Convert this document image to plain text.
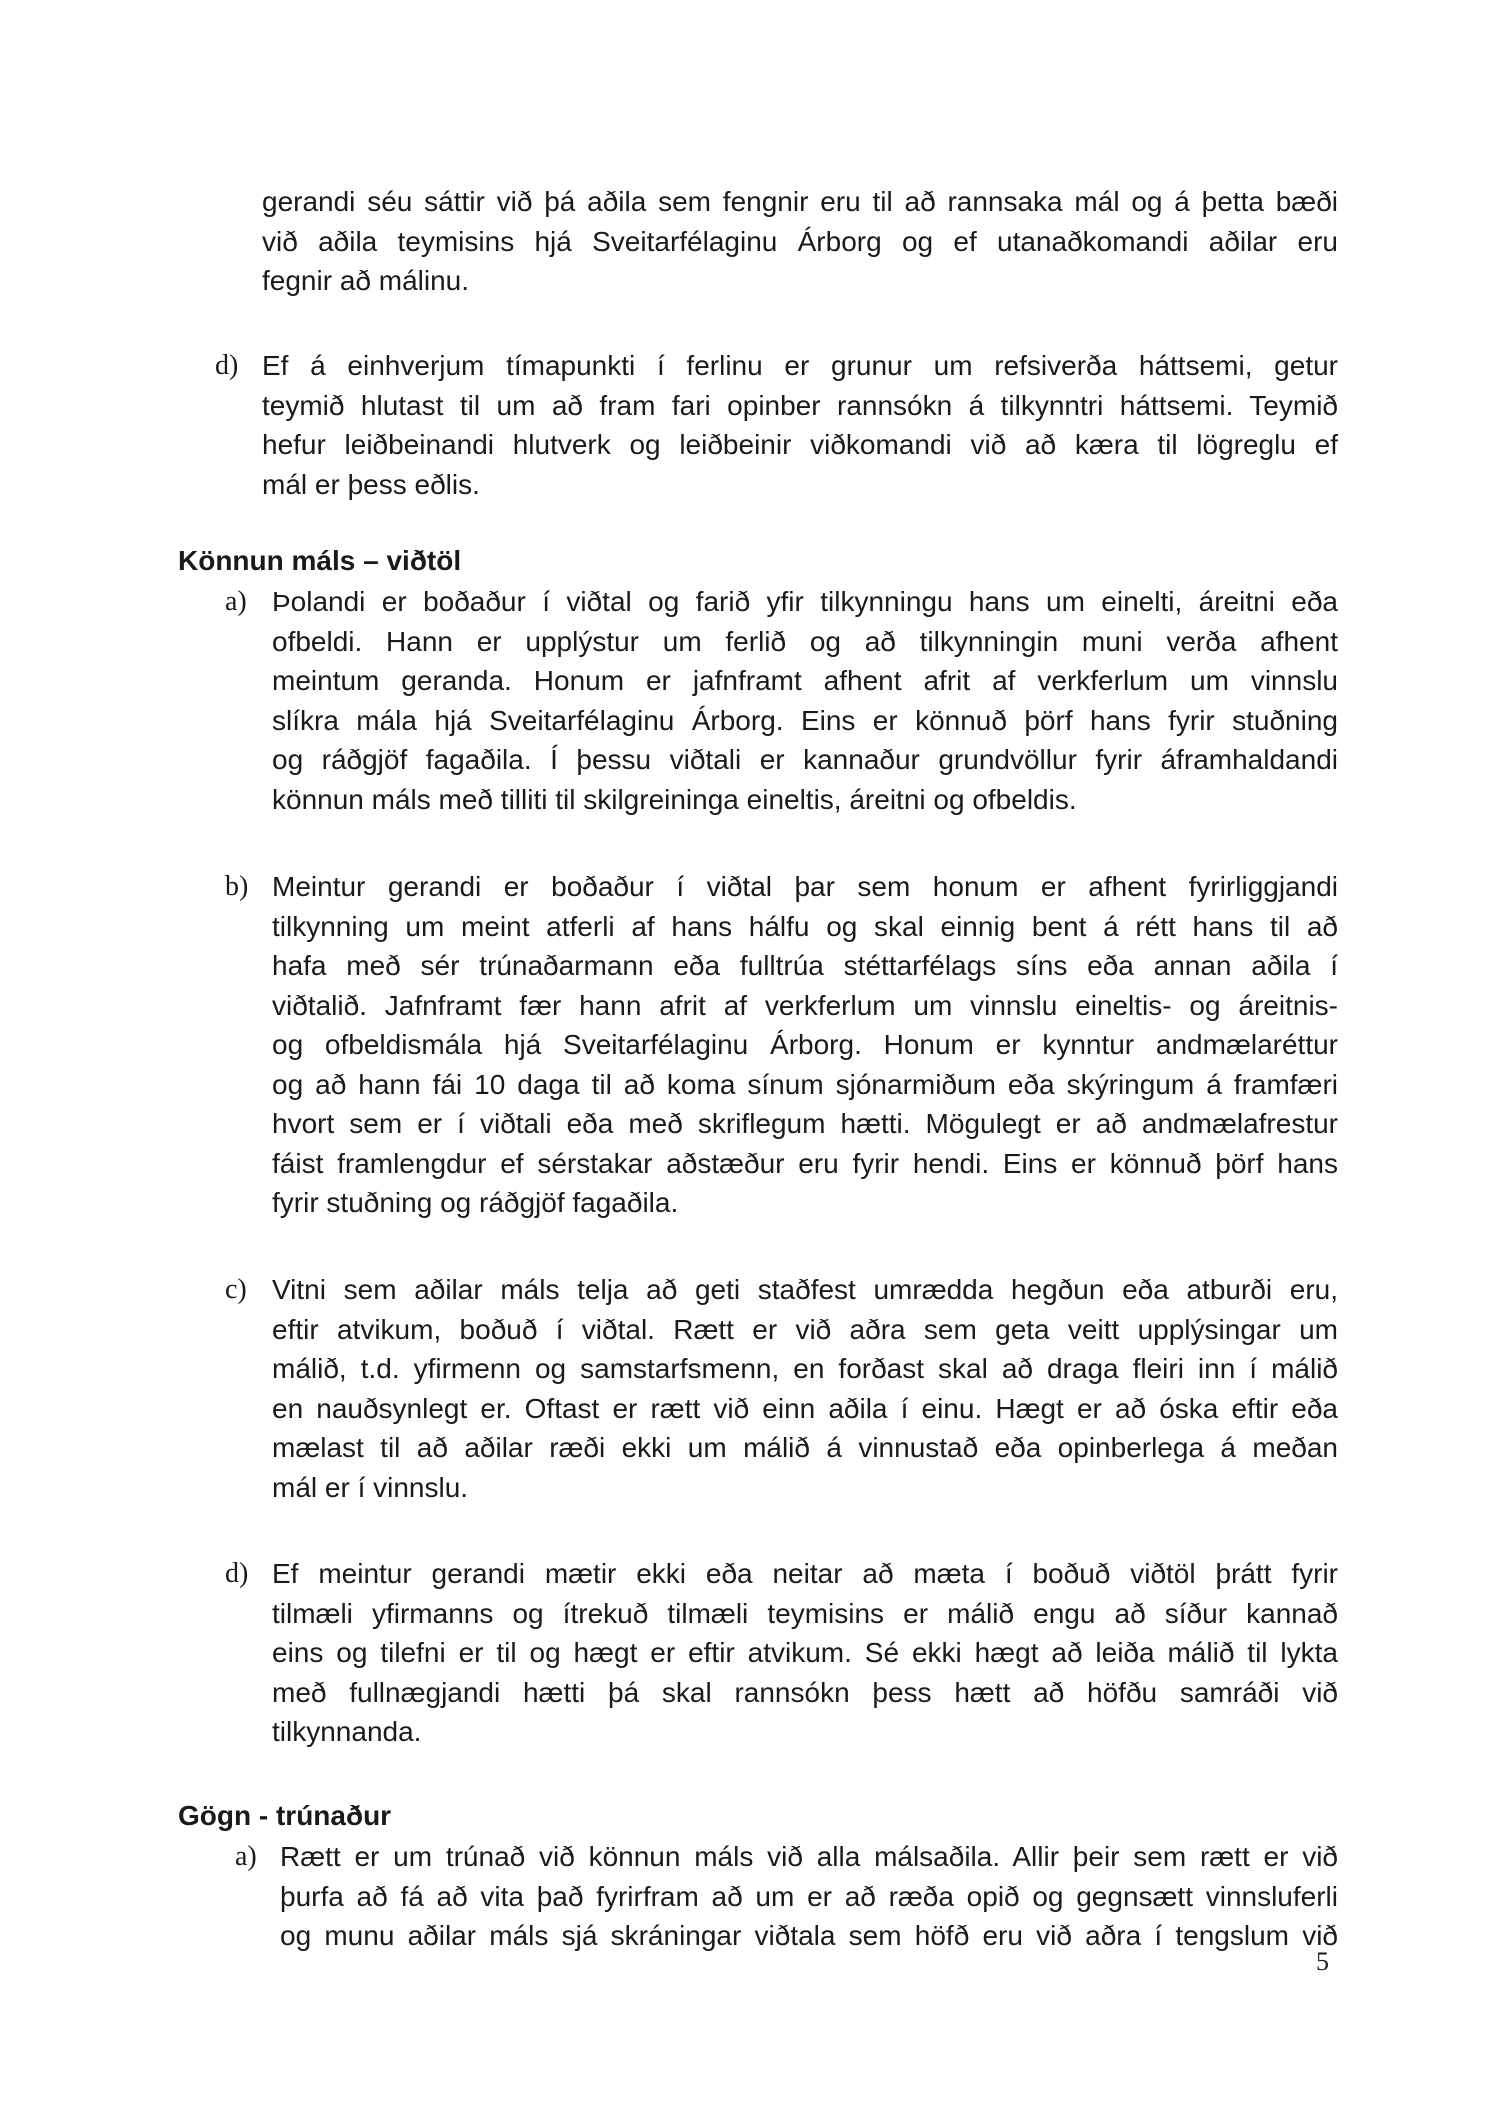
gerandi séu sáttir við þá aðila sem fengnir eru til að rannsaka mál og á þetta bæði
við aðila teymisins hjá Sveitarfélaginu Árborg og ef utanaðkomandi aðilar eru
fegnir að málinu.
d) Ef á einhverjum tímapunkti í ferlinu er grunur um refsiverða háttsemi, getur
teymið hlutast til um að fram fari opinber rannsókn á tilkynntri háttsemi. Teymið
hefur leiðbeinandi hlutverk og leiðbeinir viðkomandi við að kæra til lögreglu ef
mál er þess eðlis.
Könnun máls – viðtöl
a) Þolandi er boðaður í viðtal og farið yfir tilkynningu hans um einelti, áreitni eða
ofbeldi. Hann er upplýstur um ferlið og að tilkynningin muni verða afhent
meintum geranda. Honum er jafnframt afhent afrit af verkferlum um vinnslu
slíkra mála hjá Sveitarfélaginu Árborg. Eins er könnuð þörf hans fyrir stuðning
og ráðgjöf fagaðila. Í þessu viðtali er kannaður grundvöllur fyrir áframhaldandi
könnun máls með tilliti til skilgreininga eineltis, áreitni og ofbeldis.
b) Meintur gerandi er boðaður í viðtal þar sem honum er afhent fyrirliggjandi
tilkynning um meint atferli af hans hálfu og skal einnig bent á rétt hans til að
hafa með sér trúnaðarmann eða fulltrúa stéttarfélags síns eða annan aðila í
viðtalið. Jafnframt fær hann afrit af verkferlum um vinnslu eineltis- og áreitnis-
og ofbeldismála hjá Sveitarfélaginu Árborg. Honum er kynntur andmælaréttur
og að hann fái 10 daga til að koma sínum sjónarmiðum eða skýringum á framfæri
hvort sem er í viðtali eða með skriflegum hætti. Mögulegt er að andmælafrestur
fáist framlengdur ef sérstakar aðstæður eru fyrir hendi. Eins er könnuð þörf hans
fyrir stuðning og ráðgjöf fagaðila.
c) Vitni sem aðilar máls telja að geti staðfest umrædda hegðun eða atburði eru,
eftir atvikum, boðuð í viðtal. Rætt er við aðra sem geta veitt upplýsingar um
málið, t.d. yfirmenn og samstarfsmenn, en forðast skal að draga fleiri inn í málið
en nauðsynlegt er. Oftast er rætt við einn aðila í einu. Hægt er að óska eftir eða
mælast til að aðilar ræði ekki um málið á vinnustað eða opinberlega á meðan
mál er í vinnslu.
d) Ef meintur gerandi mætir ekki eða neitar að mæta í boðuð viðtöl þrátt fyrir
tilmæli yfirmanns og ítrekuð tilmæli teymisins er málið engu að síður kannað
eins og tilefni er til og hægt er eftir atvikum. Sé ekki hægt að leiða málið til lykta
með fullnægjandi hætti þá skal rannsókn þess hætt að höfðu samráði við
tilkynnanda.
Gögn - trúnaður
a) Rætt er um trúnað við könnun máls við alla málsaðila. Allir þeir sem rætt er við
þurfa að fá að vita það fyrirfram að um er að ræða opið og gegnsætt vinnsluferli
og munu aðilar máls sjá skráningar viðtala sem höfð eru við aðra í tengslum við
5
